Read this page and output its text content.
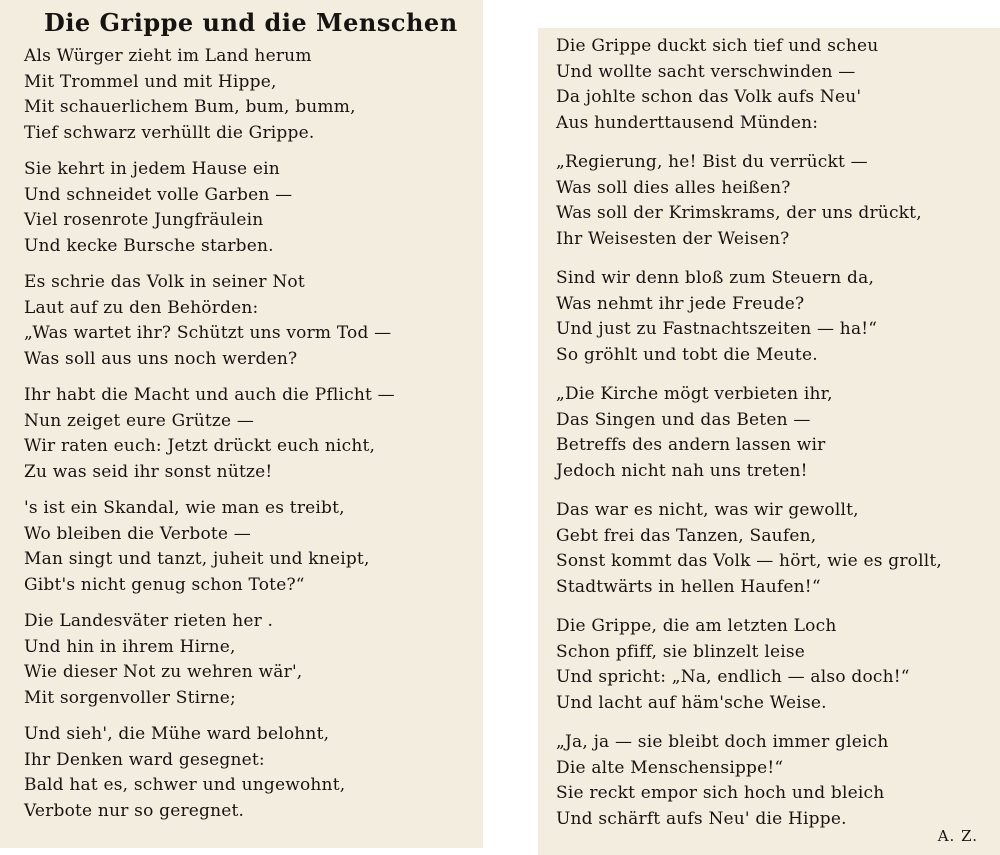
Die Grippe und die Menschen
Als Würger zieht im Land herum
Mit Trommel und mit Hippe,
Mit schauerlichem Bum, bum, bumm,
Tief schwarz verhüllt die Grippe.
Sie kehrt in jedem Hause ein
Und schneidet volle Garben —
Viel rosenrote Jungfräulein
Und kecke Bursche starben.
Es schrie das Volk in seiner Not
Laut auf zu den Behörden:
„Was wartet ihr? Schützt uns vorm Tod —
Was soll aus uns noch werden?
Ihr habt die Macht und auch die Pflicht —
Nun zeiget eure Grütze —
Wir raten euch: Jetzt drückt euch nicht,
Zu was seid ihr sonst nütze!
's ist ein Skandal, wie man es treibt,
Wo bleiben die Verbote —
Man singt und tanzt, juheit und kneipt,
Gibt's nicht genug schon Tote?“
Die Landesväter rieten her .
Und hin in ihrem Hirne,
Wie dieser Not zu wehren wär',
Mit sorgenvoller Stirne;
Und sieh', die Mühe ward belohnt,
Ihr Denken ward gesegnet:
Bald hat es, schwer und ungewohnt,
Verbote nur so geregnet.
Die Grippe duckt sich tief und scheu
Und wollte sacht verschwinden —
Da johlte schon das Volk aufs Neu'
Aus hunderttausend Münden:
„Regierung, he! Bist du verrückt —
Was soll dies alles heißen?
Was soll der Krimskrams, der uns drückt,
Ihr Weisesten der Weisen?
Sind wir denn bloß zum Steuern da,
Was nehmt ihr jede Freude?
Und just zu Fastnachtszeiten — ha!“
So gröhlt und tobt die Meute.
„Die Kirche mögt verbieten ihr,
Das Singen und das Beten —
Betreffs des andern lassen wir
Jedoch nicht nah uns treten!
Das war es nicht, was wir gewollt,
Gebt frei das Tanzen, Saufen,
Sonst kommt das Volk — hört, wie es grollt,
Stadtwärts in hellen Haufen!“
Die Grippe, die am letzten Loch
Schon pfiff, sie blinzelt leise
Und spricht: „Na, endlich — also doch!“
Und lacht auf häm'sche Weise.
„Ja, ja — sie bleibt doch immer gleich
Die alte Menschensippe!“
Sie reckt empor sich hoch und bleich
Und schärft aufs Neu' die Hippe.
A. Z.
